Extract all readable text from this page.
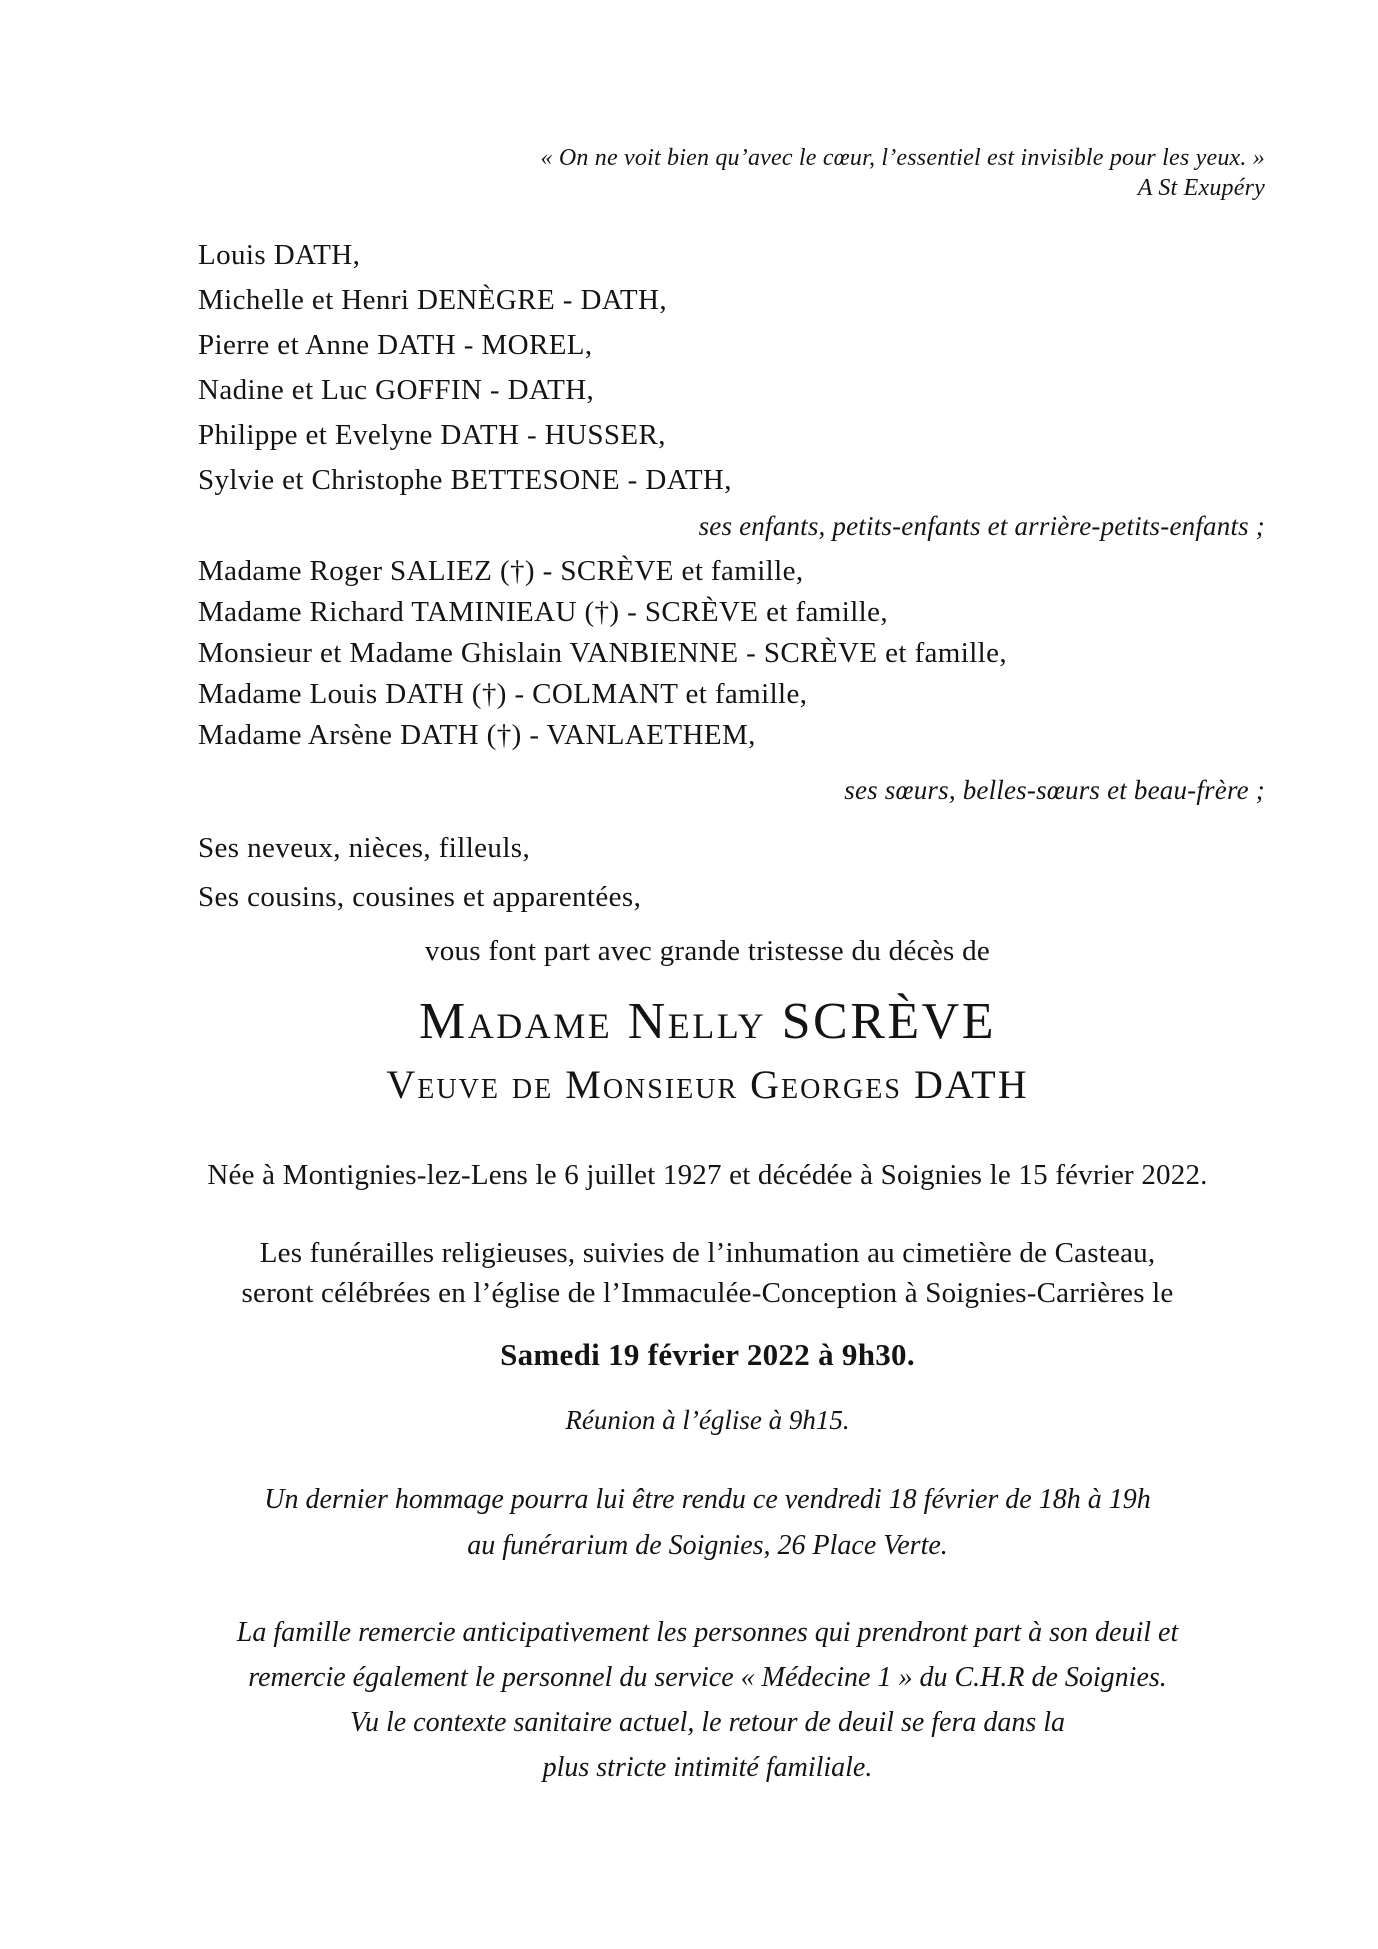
« On ne voit bien qu’avec le cœur, l’essentiel est invisible pour les yeux. »
A St Exupéry
Louis DATH,
Michelle et Henri DENÈGRE - DATH,
Pierre et Anne DATH - MOREL,
Nadine et Luc GOFFIN - DATH,
Philippe et Evelyne DATH - HUSSER,
Sylvie et Christophe BETTESONE - DATH,
ses enfants, petits-enfants et arrière-petits-enfants ;
Madame Roger SALIEZ (†) - SCRÈVE et famille,
Madame Richard TAMINIEAU (†) - SCRÈVE et famille,
Monsieur et Madame Ghislain VANBIENNE - SCRÈVE et famille,
Madame Louis DATH (†) - COLMANT et famille,
Madame Arsène DATH (†) - VANLAETHEM,
ses sœurs, belles-sœurs et beau-frère ;
Ses neveux, nièces, filleuls,
Ses cousins, cousines et apparentées,
vous font part avec grande tristesse du décès de
Madame Nelly SCRÈVE
Veuve de Monsieur Georges DATH
Née à Montignies-lez-Lens le 6 juillet 1927 et décédée à Soignies le 15 février 2022.
Les funérailles religieuses, suivies de l’inhumation au cimetière de Casteau,
seront célébrées en l’église de l’Immaculée-Conception à Soignies-Carrières le
Samedi 19 février 2022 à 9h30.
Réunion à l’église à 9h15.
Un dernier hommage pourra lui être rendu ce vendredi 18 février de 18h à 19h
au funérarium de Soignies, 26 Place Verte.
La famille remercie anticipativement les personnes qui prendront part à son deuil et
remercie également le personnel du service « Médecine 1 » du C.H.R de Soignies.
Vu le contexte sanitaire actuel, le retour de deuil se fera dans la
plus stricte intimité familiale.
